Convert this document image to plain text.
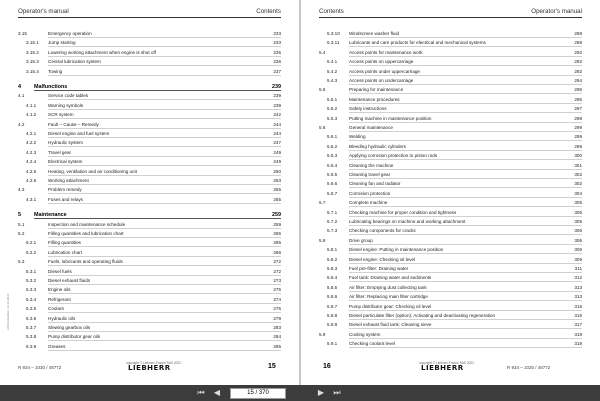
Operator's manual	Contents
3.15	Emergency operation	233
3.15.1 Jump starting	233
3.15.2 Lowering working attachment when engine is shut off	235
3.15.3 Central lubrication system	236
3.15.4 Towing	237
4 Malfunctions	239
4.1	Service code tables	239
4.1.1	Warning symbols	239
4.1.2	SCR system	242
4.2	Fault – Cause – Remedy	244
4.2.1	Diesel engine and fuel system	244
4.2.2	Hydraulic system	247
4.2.3	Travel gear	249
4.2.4	Electrical system	249
4.2.5	Heating, ventilation and air conditioning unit	250
4.2.6	Working attachment	253
4.3	Problem remedy	255
4.3.1	Fuses and relays	255
5 Maintenance	259
5.1	Inspection and maintenance schedule	259
5.2	Filling quantities and lubrication chart	265
5.2.1	Filling quantities	265
5.2.2	Lubrication chart	266
5.3	Fuels, lubricants and operating fluids	272
5.3.1	Diesel fuels	272
5.3.2	Diesel exhaust fluids	273
5.3.3	Engine oils	275
5.3.4	Refrigerant	274
5.3.5	Coolant	275
5.3.6	Hydraulic oils	279
5.3.7	Slewing gearbox oils	283
5.3.8	Pump distributor gear oils	284
5.3.9	Greases	285
LFR/en/Edition: 12.12.2022
R 934 – 1030 / 48772
copyright © Liebherr-France SAS 2022
LIEBHERR	15
Contents	Operator's manual
5.3.10 Windscreen washer fluid	288
5.3.11 Lubricants and care products for electrical and mechanical systems	288
5.4	Access points for maintenance work	292
5.4.1	Access points on uppercarriage	292
5.4.2	Access points under uppercarriage	292
5.4.3	Access points on undercarriage	294
5.5	Preparing for maintenance	295
5.5.1	Maintenance procedures	295
5.5.2	Safety instructions	297
5.5.3	Putting machine in maintenance position	298
5.6	General maintenance	299
5.6.1	Welding	299
5.6.2	Bleeding hydraulic cylinders	299
5.6.3	Applying corrosion protection to piston rods	300
5.6.4	Cleaning the machine	301
5.6.5	Cleaning travel gear	302
5.6.6	Cleaning fan and radiator	302
5.6.7	Corrosion protection	304
5.7	Complete machine	305
5.7.1	Checking machine for proper condition and tightness	305
5.7.2	Lubricating bearings on machine and working attachment	305
5.7.3	Checking components for cracks	306
5.8	Drive group	306
5.8.1	Diesel engine: Putting in maintenance position	306
5.8.2	Diesel engine: Checking oil level	309
5.8.3	Fuel pre-filter: Draining water	311
5.8.4	Fuel tank: Draining water and sediments	312
5.8.5	Air filter: Emptying dust collecting tank	313
5.8.6	Air filter: Replacing main filter cartridge	313
5.8.7	Pump distributor gear: Checking oil level	315
5.8.8	Diesel particulate filter (option): Activating and deactivating regeneration	316
5.8.9	Diesel exhaust fluid tank: Cleaning sieve	317
5.9	Cooling system	319
5.9.1	Checking coolant level	319
16	copyright © Liebherr-France SAS 2022
LIEBHERR	R 934 – 1030 / 48772
⏮ ◀	15 / 370	▶ ⏭
